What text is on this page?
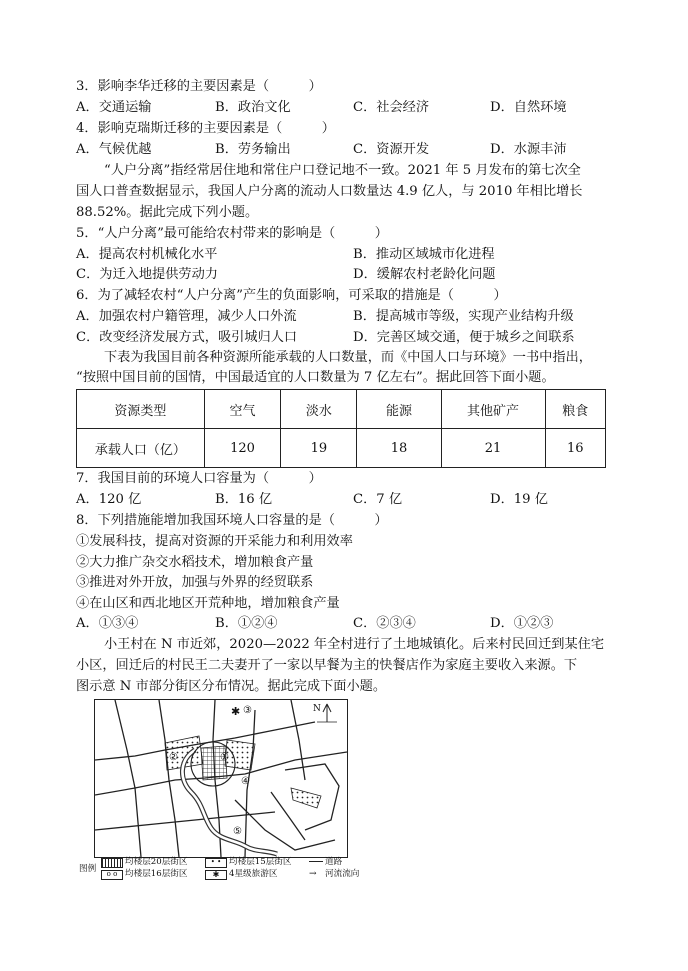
3．影响李华迁移的主要因素是（　　　）
A．交通运输	B．政治文化	C．社会经济	D．自然环境
4．影响克瑞斯迁移的主要因素是（　　　）
A．气候优越	B．劳务输出	C．资源开发	D．水源丰沛
“人户分离”指经常居住地和常住户口登记地不一致。2021 年 5 月发布的第七次全
国人口普查数据显示，我国人户分离的流动人口数量达 4.9 亿人，与 2010 年相比增长
88.52%。据此完成下列小题。
5．“人户分离”最可能给农村带来的影响是（　　　）
A．提高农村机械化水平	B．推动区域城市化进程
C．为迁入地提供劳动力	D．缓解农村老龄化问题
6．为了减轻农村“人户分离”产生的负面影响，可采取的措施是（　　　）
A．加强农村户籍管理，减少人口外流	B．提高城市等级，实现产业结构升级
C．改变经济发展方式，吸引城归人口	D．完善区域交通，便于城乡之间联系
下表为我国目前各种资源所能承载的人口数量，而《中国人口与环境》一书中指出，
“按照中国目前的国情，中国最适宜的人口数量为 7 亿左右”。据此回答下面小题。
资源类型	空气	淡水	能源	其他矿产	粮食
承载人口（亿）	120	19	18	21	16
7．我国目前的环境人口容量为（　　　）
A．120 亿	B．16 亿	C．7 亿	D．19 亿
8．下列措施能增加我国环境人口容量的是（　　　）
①发展科技，提高对资源的开采能力和利用效率
②大力推广杂交水稻技术，增加粮食产量
③推进对外开放，加强与外界的经贸联系
④在山区和西北地区开荒种地，增加粮食产量
A．①③④	B．①②④	C．②③④	D．①②③
小王村在 N 市近郊，2020—2022 年全村进行了土地城镇化。后来村民回迁到某住宅
小区，回迁后的村民王二夫妻开了一家以早餐为主的快餐店作为家庭主要收入来源。下
图示意 N 市部分街区分布情况。据此完成下面小题。
✱	N
①
②
③
④
⑤
图例
均楼层20层街区	• • 均楼层15层街区	道路
o o 均楼层16层街区	✱	4星级旅游区	→ 河流流向
